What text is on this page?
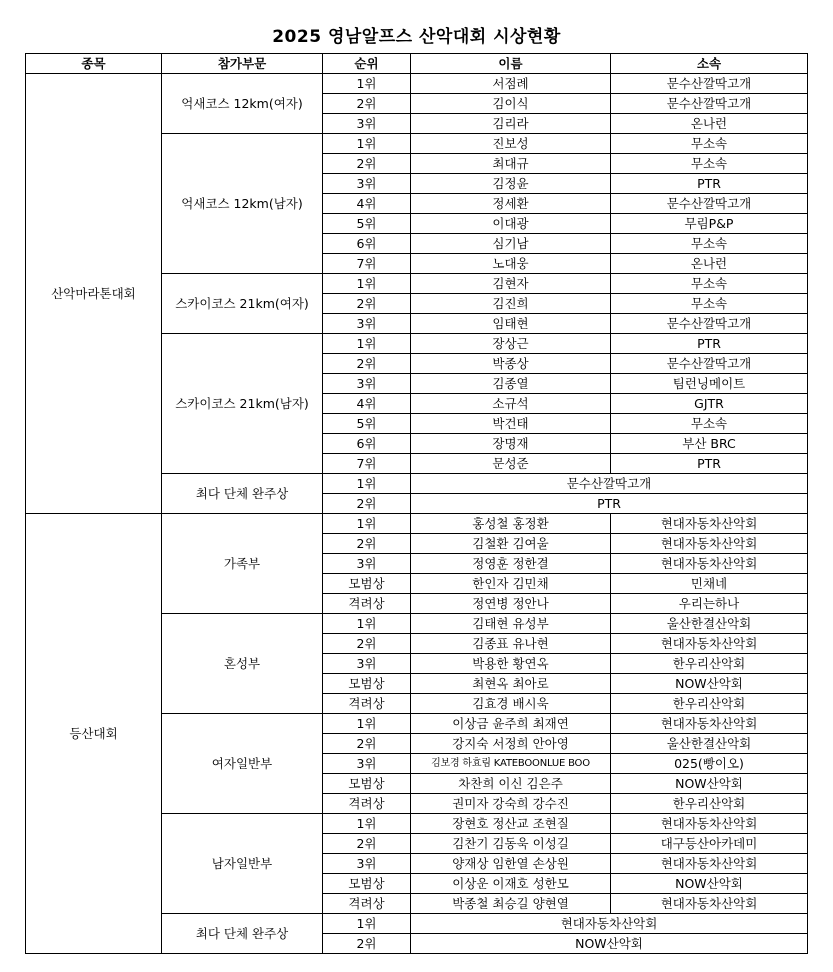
2025 영남알프스 산악대회 시상현황
종목	참가부문	순위	이름	소속
산악마라톤대회	억새코스 12km(여자)	1위	서점례	문수산깔딱고개
		2위	김이식	문수산깔딱고개
		3위	김리라	온나런
	억새코스 12km(남자)	1위	진보성	무소속
		2위	최대규	무소속
		3위	김정윤	PTR
		4위	정세환	문수산깔딱고개
		5위	이대광	무림P&P
		6위	심기남	무소속
		7위	노대웅	온나런
	스카이코스 21km(여자)	1위	김현자	무소속
		2위	김진희	무소속
		3위	임태현	문수산깔딱고개
	스카이코스 21km(남자)	1위	장상근	PTR
		2위	박종상	문수산깔딱고개
		3위	김종열	팀런닝메이트
		4위	소규석	GJTR
		5위	박건태	무소속
		6위	장명재	부산 BRC
		7위	문성준	PTR
	최다 단체 완주상	1위	문수산깔딱고개	
		2위	PTR	
등산대회	가족부	1위	홍성철 홍정환	현대자동차산악회
		2위	김철환 김여울	현대자동차산악회
		3위	정영훈 정한결	현대자동차산악회
		모범상	한인자 김민채	민채네
		격려상	정연병 정안나	우리는하나
	혼성부	1위	김태현 유성부	울산한결산악회
		2위	김종표 유나현	현대자동차산악회
		3위	박용한 황연옥	한우리산악회
		모범상	최현옥 최아로	NOW산악회
		격려상	김효경 배시욱	한우리산악회
	여자일반부	1위	이상금 윤주희 최재연	현대자동차산악회
		2위	강지숙 서정희 안아영	울산한결산악회
		3위	김보경 하효림 KATEBOONLUE BOO	025(빵이오)
		모범상	차찬희 이신 김은주	NOW산악회
		격려상	권미자 강숙희 강수진	한우리산악회
	남자일반부	1위	장현호 정산교 조현질	현대자동차산악회
		2위	김찬기 김동욱 이성길	대구등산아카데미
		3위	양재상 임한열 손상원	현대자동차산악회
		모범상	이상운 이재호 성한모	NOW산악회
		격려상	박종철 최승길 양현열	현대자동차산악회
	최다 단체 완주상	1위	현대자동차산악회	
		2위	NOW산악회	
